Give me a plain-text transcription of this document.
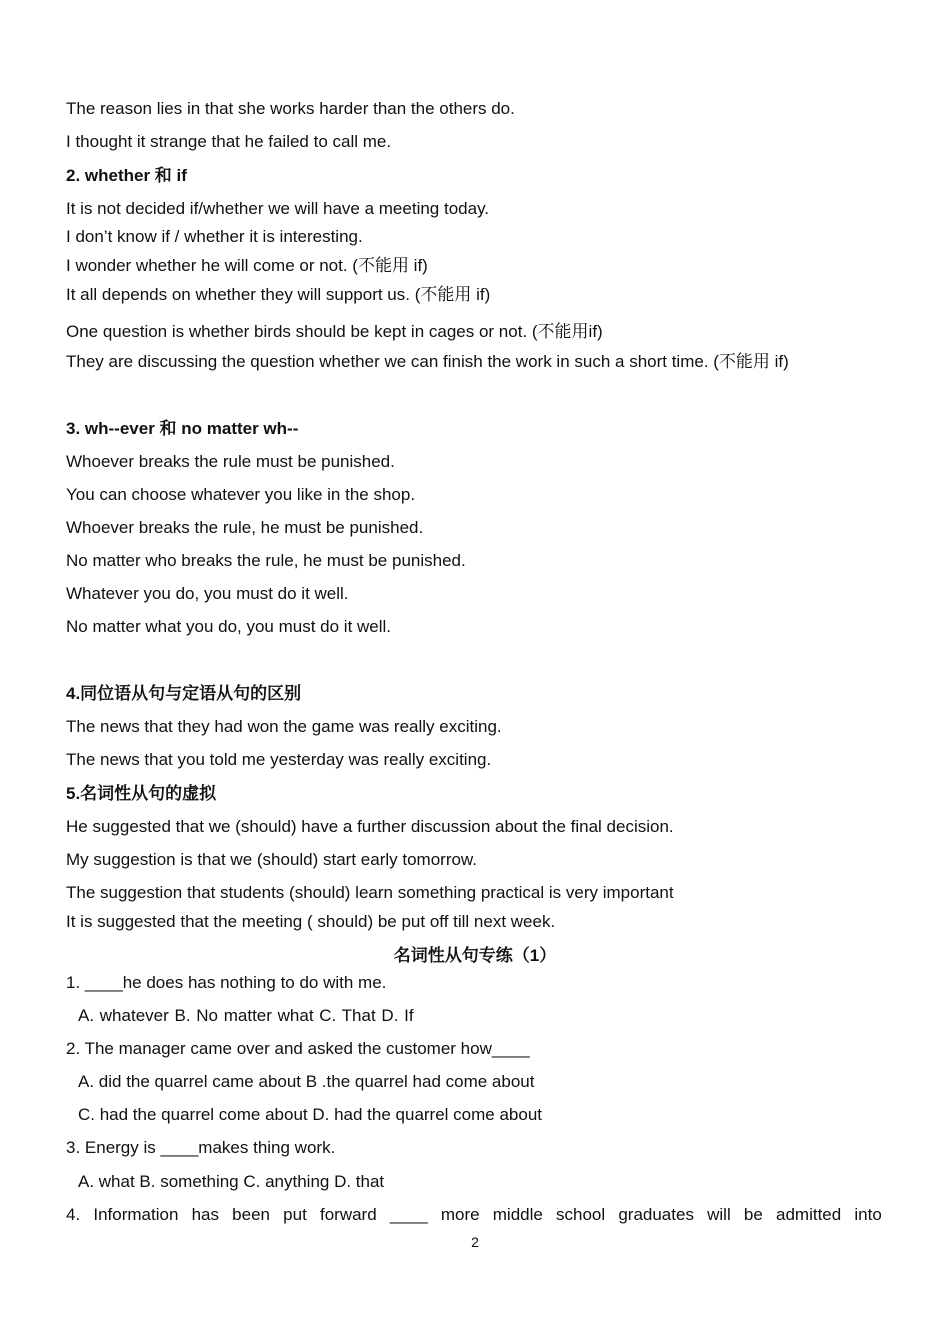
The reason lies in that she works harder than the others do.
I thought it strange that he failed to call me.
2. whether 和 if
It is not decided if/whether we will have a meeting today.
I don’t know if / whether it is interesting.
I wonder whether he will come or not. (不能用 if)
It all depends on whether they will support us. (不能用 if)
One question is whether birds should be kept in cages or not. (不能用if)
They are discussing the question whether we can finish the work in such a short time. (不能用 if)
3. wh--ever 和 no matter wh--
Whoever breaks the rule must be punished.
You can choose whatever you like in the shop.
Whoever breaks the rule, he must be punished.
No matter who breaks the rule, he must be punished.
Whatever you do, you must do it well.
No matter what you do, you must do it well.
4.同位语从句与定语从句的区别
The news that they had won the game was really exciting.
The news that you told me yesterday was really exciting.
5.名词性从句的虚拟
He suggested that we (should) have a further discussion about the final decision.
My suggestion is that we (should) start early tomorrow.
The suggestion that students (should) learn something practical is very important
It is suggested that the meeting ( should) be put off till next week.
名词性从句专练（1）
1. ____he does has nothing to do with me.
A. whatever B. No matter what C. That D. If
2. The manager came over and asked the customer how____
A. did the quarrel came about B .the quarrel had come about
C. had the quarrel come about D. had the quarrel come about
3. Energy is ____makes thing work.
A. what B. something C. anything D. that
4. Information has been put forward ____ more middle school graduates will be admitted into
2
